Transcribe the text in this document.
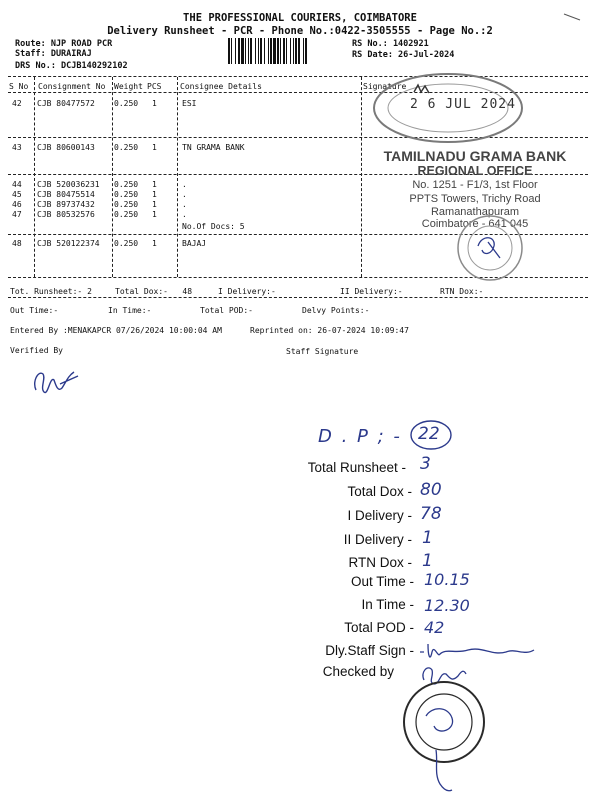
THE PROFESSIONAL COURIERS, COIMBATORE
Delivery Runsheet - PCR - Phone No.:0422-3505555 - Page No.:2
Route: NJP ROAD PCR
Staff: DURAIRAJ
DRS No.: DCJB140292102
RS No.: 1402921
RS Date: 26-Jul-2024
S No Consignment No Weight PCS Consignee Details	Signature
42 CJB 80477572 0.250 1	ESI
43 CJB 80600143 0.250 1	TN GRAMA BANK
44 CJB 520036231 0.250 1	.
45 CJB 80475514 0.250 1	.
46 CJB 89737432 0.250 1	.
47 CJB 80532576 0.250 1	.
No.Of Docs: 5
48 CJB 520122374 0.250 1	BAJAJ
Tot. Runsheet:- 2	Total Dox:-   48	I Delivery:-	II Delivery:-	RTN Dox:-
Out Time:-	In Time:-	Total POD:-	Delvy Points:-
Entered By :MENAKAPCR 07/26/2024 10:00:04 AM	Reprinted on: 26-07-2024 10:09:47
Verified By	Staff Signature
2 6 JUL 2024
TAMILNADU GRAMA BANK
REGIONAL OFFICE
No. 1251 - F1/3, 1st Floor
PPTS Towers, Trichy Road
Ramanathapuram
Coimbatore - 641 045
D . P ; - 22
Total Runsheet - 3
Total Dox - 80
I Delivery - 78
II Delivery - 1
RTN Dox - 1
Out Time - 10.15
In Time - 12.30
Total POD - 42
Dly.Staff Sign -
Checked by
